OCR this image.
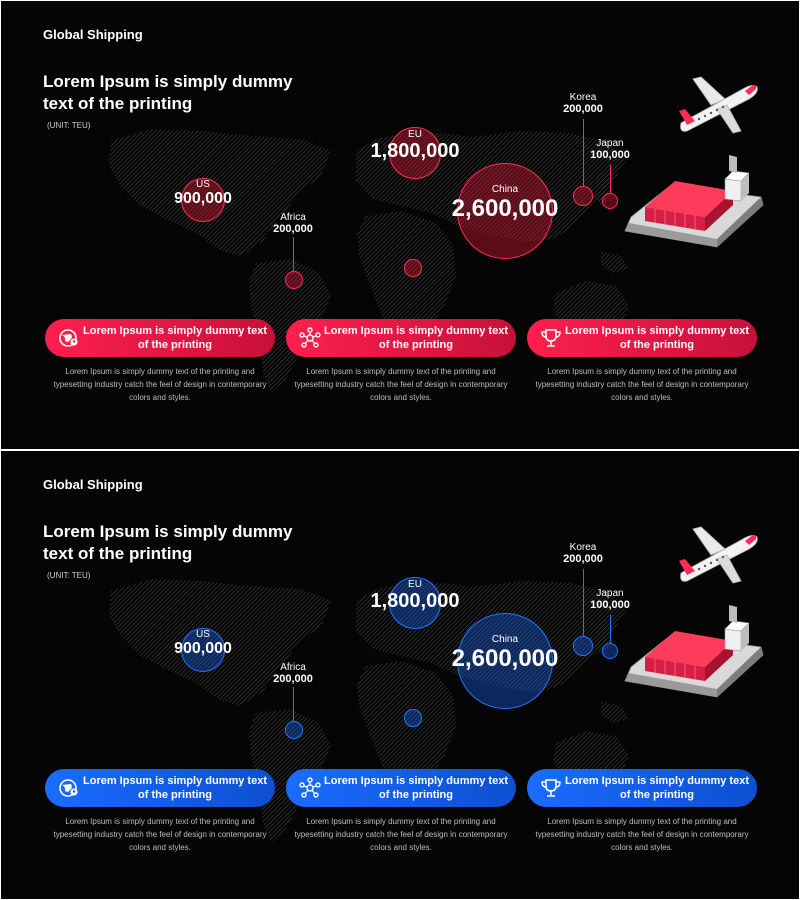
Global Shipping
Lorem Ipsum is simply dummy text of the printing
(UNIT: TEU)
US
900,000
Africa
200,000
EU
1,800,000
China
2,600,000
Korea
200,000
Japan
100,000
Lorem Ipsum is simply dummy text of the printing
Lorem Ipsum is simply dummy text of the printing
Lorem Ipsum is simply dummy text of the printing
Lorem Ipsum is simply dummy text of the printing and typesetting industry catch the feel of design in contemporary colors and styles.
Lorem Ipsum is simply dummy text of the printing and typesetting industry catch the feel of design in contemporary colors and styles.
Lorem Ipsum is simply dummy text of the printing and typesetting industry catch the feel of design in contemporary colors and styles.
Global Shipping
Lorem Ipsum is simply dummy text of the printing
(UNIT: TEU)
US
900,000
Africa
200,000
EU
1,800,000
China
2,600,000
Korea
200,000
Japan
100,000
Lorem Ipsum is simply dummy text of the printing
Lorem Ipsum is simply dummy text of the printing
Lorem Ipsum is simply dummy text of the printing
Lorem Ipsum is simply dummy text of the printing and typesetting industry catch the feel of design in contemporary colors and styles.
Lorem Ipsum is simply dummy text of the printing and typesetting industry catch the feel of design in contemporary colors and styles.
Lorem Ipsum is simply dummy text of the printing and typesetting industry catch the feel of design in contemporary colors and styles.
